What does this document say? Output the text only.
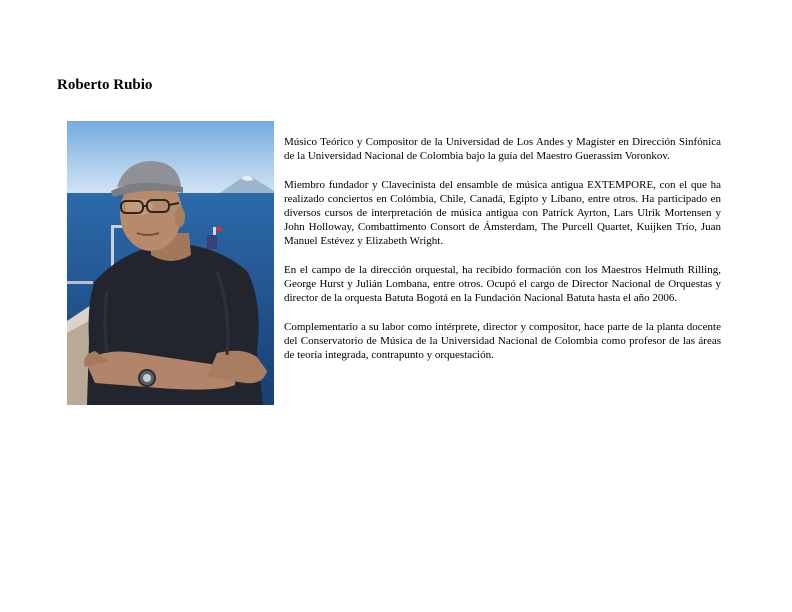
Roberto Rubio

Músico Teórico y Compositor de la Universidad de Los Andes y Magíster en Dirección Sinfónica de la Universidad Nacional de Colombia bajo la guía del Maestro Guerassim Voronkov.

Miembro fundador y Clavecinista del ensamble de música antigua EXTEMPORE, con el que ha realizado conciertos en Colómbia, Chile, Canadá, Egipto y Líbano, entre otros. Ha participado en diversos cursos de interpretación de música antigua con Patrick Ayrton, Lars Ulrik Mortensen y John Holloway, Combattimento Consort de Ámsterdam, The Purcell Quartet, Kuijken Trío, Juan Manuel Estévez y Elizabeth Wright.

En el campo de la dirección orquestal, ha recibido formación con los Maestros Helmuth Rilling, George Hurst y Julián Lombana, entre otros. Ocupó el cargo de Director Nacional de Orquestas y director de la orquesta Batuta Bogotá en la Fundación Nacional Batuta hasta el año 2006.

Complementario a su labor como intérprete, director y compositor, hace parte de la planta docente del Conservatorio de Música de la Universidad Nacional de Colombia como profesor de las áreas de teoría integrada, contrapunto y orquestación.
